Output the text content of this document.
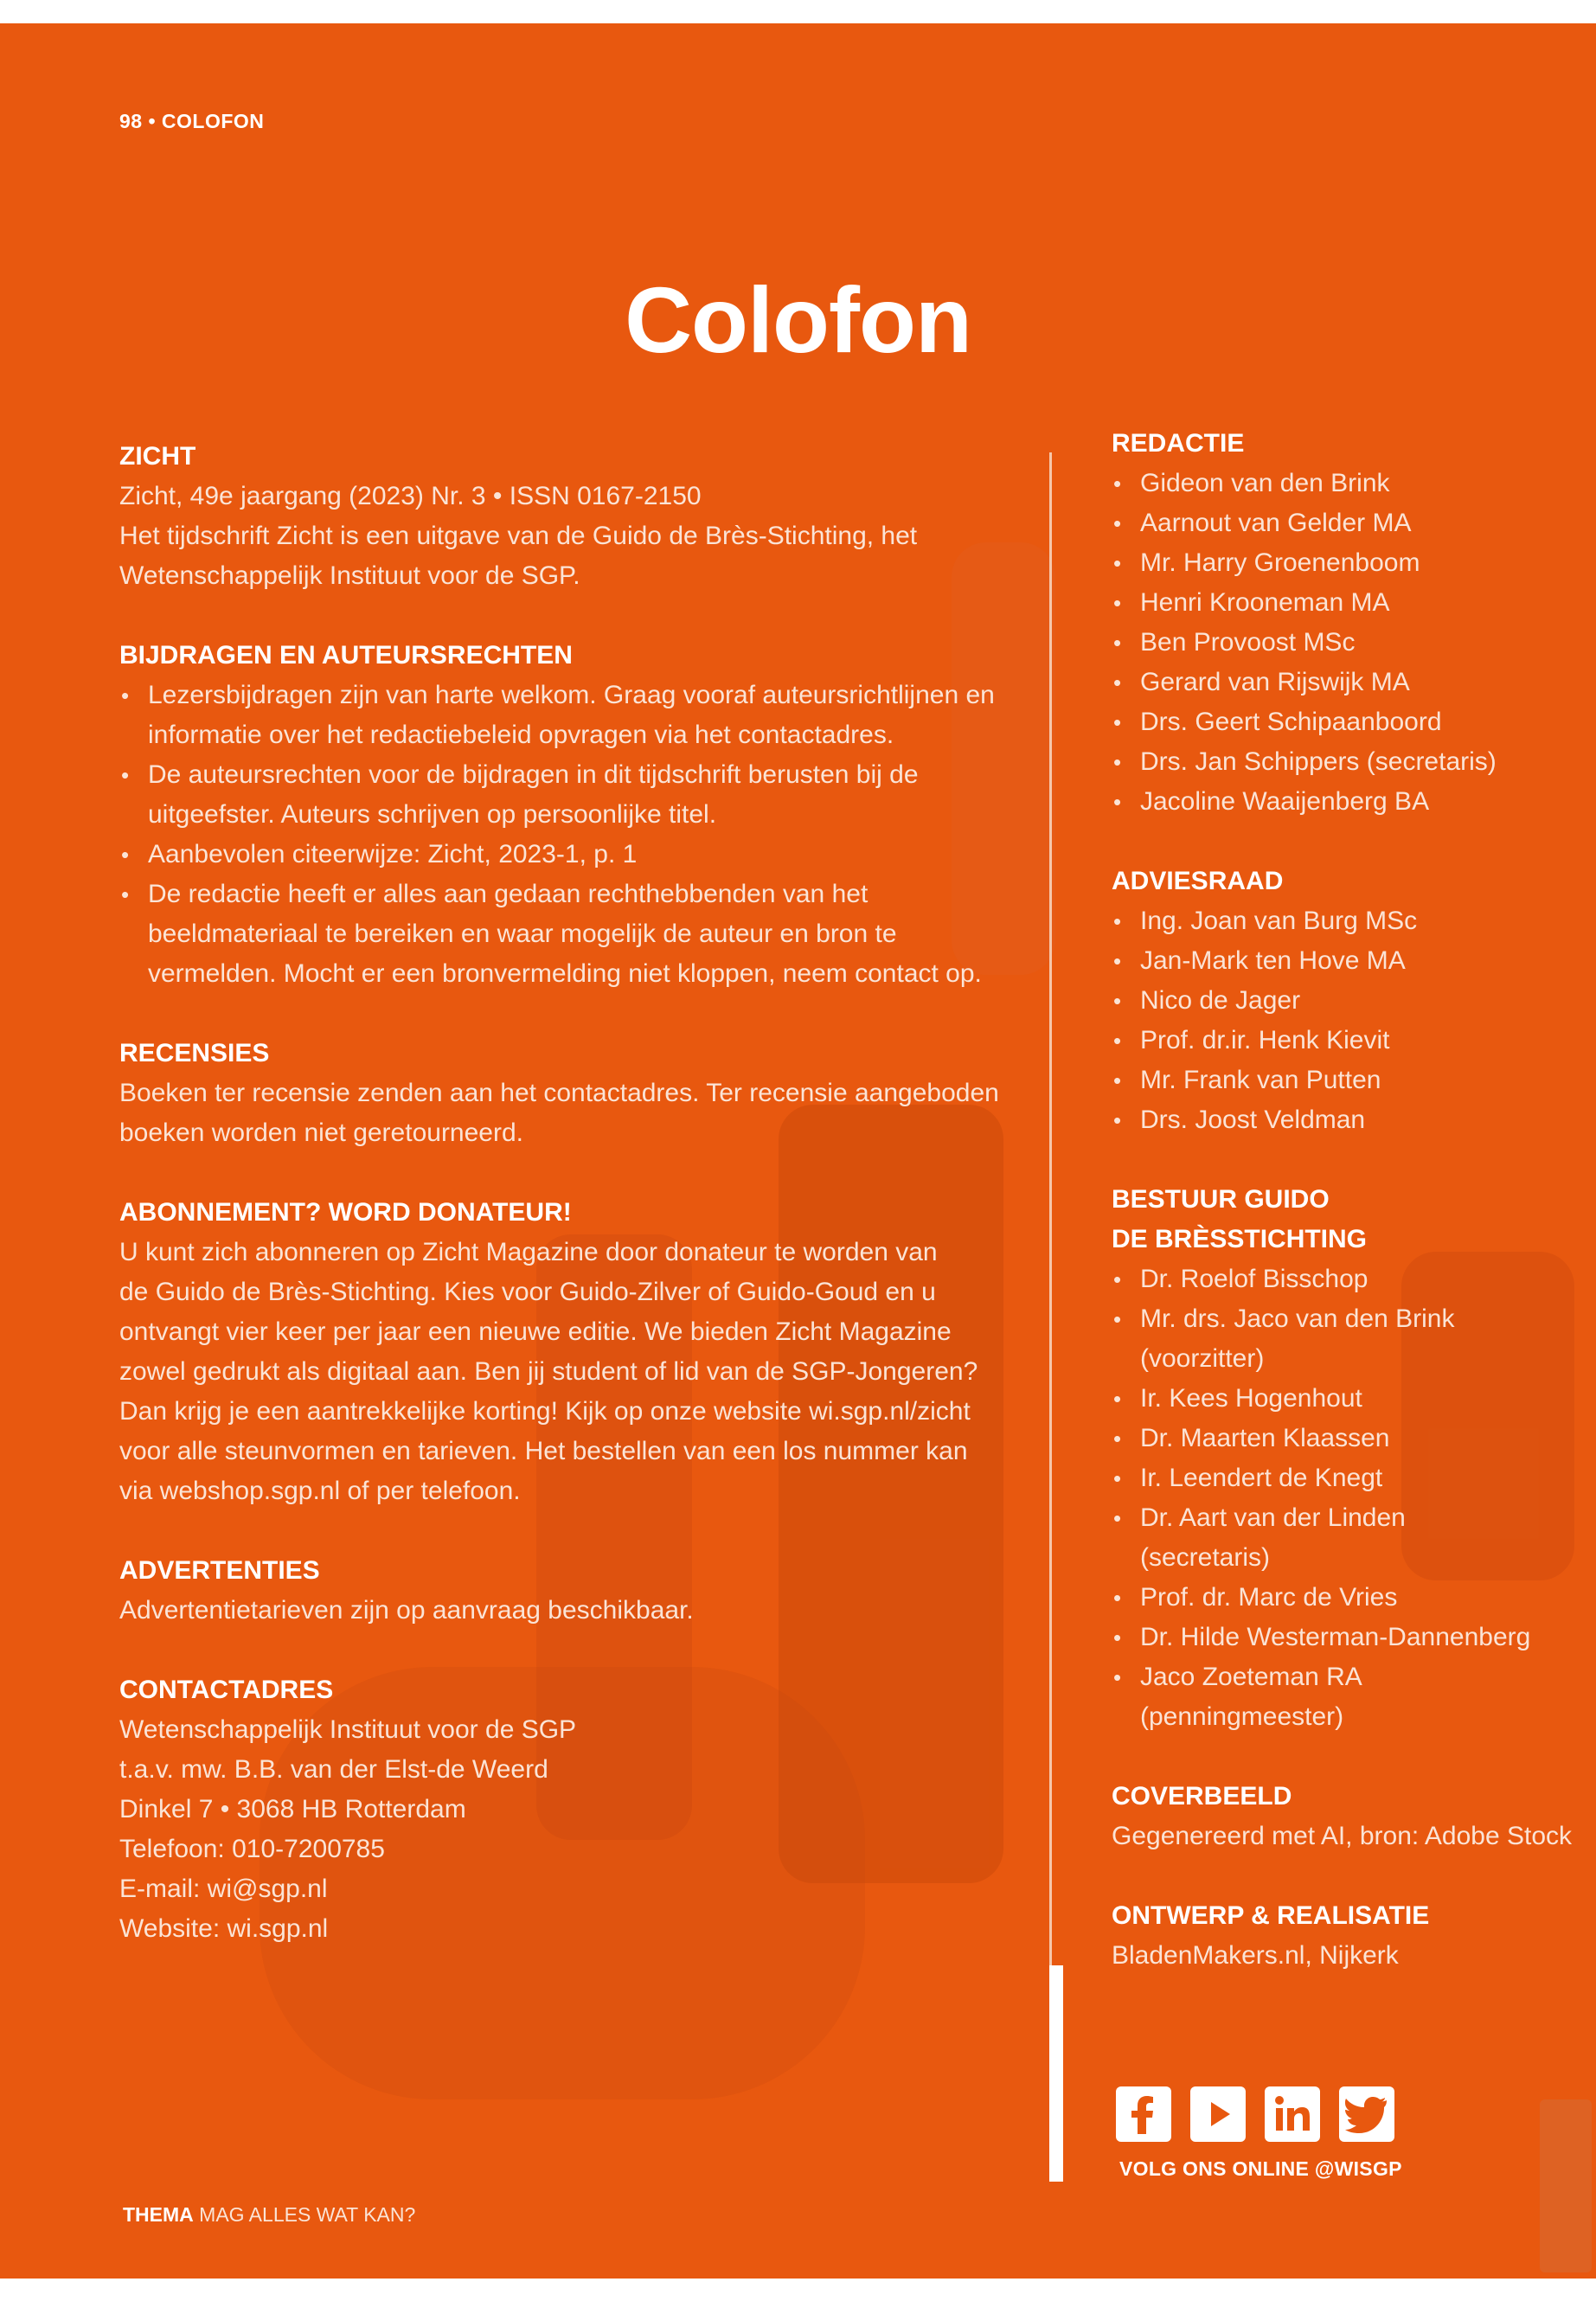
98 • COLOFON
Colofon
ZICHT
Zicht, 49e jaargang (2023) Nr. 3 • ISSN 0167-2150
Het tijdschrift Zicht is een uitgave van de Guido de Brès-Stichting, het
Wetenschappelijk Instituut voor de SGP.
BIJDRAGEN EN AUTEURSRECHTEN
• Lezersbijdragen zijn van harte welkom. Graag vooraf auteursrichtlijnen en
informatie over het redactiebeleid opvragen via het contactadres.
• De auteursrechten voor de bijdragen in dit tijdschrift berusten bij de
uitgeefster. Auteurs schrijven op persoonlijke titel.
• Aanbevolen citeerwijze: Zicht, 2023-1, p. 1
• De redactie heeft er alles aan gedaan rechthebbenden van het
beeldmateriaal te bereiken en waar mogelijk de auteur en bron te
vermelden. Mocht er een bronvermelding niet kloppen, neem contact op.
RECENSIES
Boeken ter recensie zenden aan het contactadres. Ter recensie aangeboden
boeken worden niet geretourneerd.
ABONNEMENT? WORD DONATEUR!
U kunt zich abonneren op Zicht Magazine door donateur te worden van
de Guido de Brès-Stichting. Kies voor Guido-Zilver of Guido-Goud en u
ontvangt vier keer per jaar een nieuwe editie. We bieden Zicht Magazine
zowel gedrukt als digitaal aan. Ben jij student of lid van de SGP-Jongeren?
Dan krijg je een aantrekkelijke korting! Kijk op onze website wi.sgp.nl/zicht
voor alle steunvormen en tarieven. Het bestellen van een los nummer kan
via webshop.sgp.nl of per telefoon.
ADVERTENTIES
Advertentietarieven zijn op aanvraag beschikbaar.
CONTACTADRES
Wetenschappelijk Instituut voor de SGP
t.a.v. mw. B.B. van der Elst-de Weerd
Dinkel 7 • 3068 HB Rotterdam
Telefoon: 010-7200785
E-mail: wi@sgp.nl
Website: wi.sgp.nl
REDACTIE
• Gideon van den Brink
• Aarnout van Gelder MA
• Mr. Harry Groenenboom
• Henri Krooneman MA
• Ben Provoost MSc
• Gerard van Rijswijk MA
• Drs. Geert Schipaanboord
• Drs. Jan Schippers (secretaris)
• Jacoline Waaijenberg BA
ADVIESRAAD
• Ing. Joan van Burg MSc
• Jan-Mark ten Hove MA
• Nico de Jager
• Prof. dr.ir. Henk Kievit
• Mr. Frank van Putten
• Drs. Joost Veldman
BESTUUR GUIDO
DE BRÈSSTICHTING
• Dr. Roelof Bisschop
• Mr. drs. Jaco van den Brink
(voorzitter)
• Ir. Kees Hogenhout
• Dr. Maarten Klaassen
• Ir. Leendert de Knegt
• Dr. Aart van der Linden
(secretaris)
• Prof. dr. Marc de Vries
• Dr. Hilde Westerman-Dannenberg
• Jaco Zoeteman RA
(penningmeester)
COVERBEELD
Gegenereerd met AI, bron: Adobe Stock
ONTWERP & REALISATIE
BladenMakers.nl, Nijkerk
VOLG ONS ONLINE @WISGP
THEMA MAG ALLES WAT KAN?
